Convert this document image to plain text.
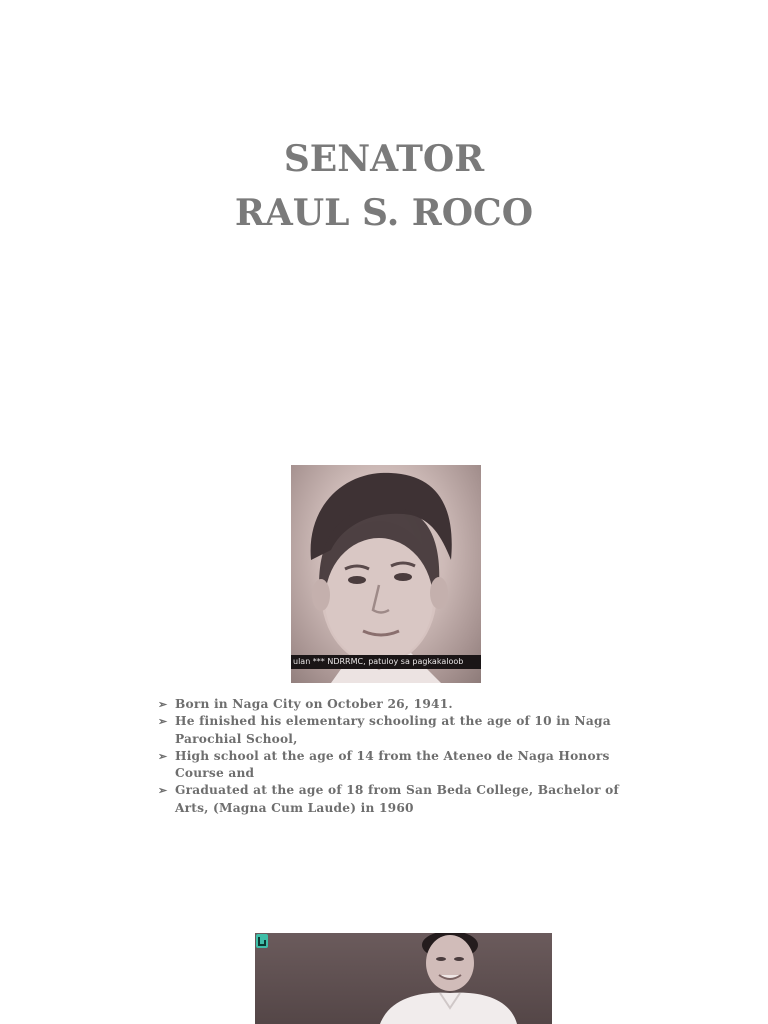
SENATOR
RAUL S. ROCO
ulan *** NDRRMC, patuloy sa pagkakaloob
➢ Born in Naga City on October 26, 1941.
➢ He finished his elementary schooling at the age of 10 in Naga Parochial School,
➢ High school at the age of 14 from the Ateneo de Naga Honors Course and
➢ Graduated at the age of 18 from San Beda College, Bachelor of Arts, (Magna Cum Laude) in 1960
